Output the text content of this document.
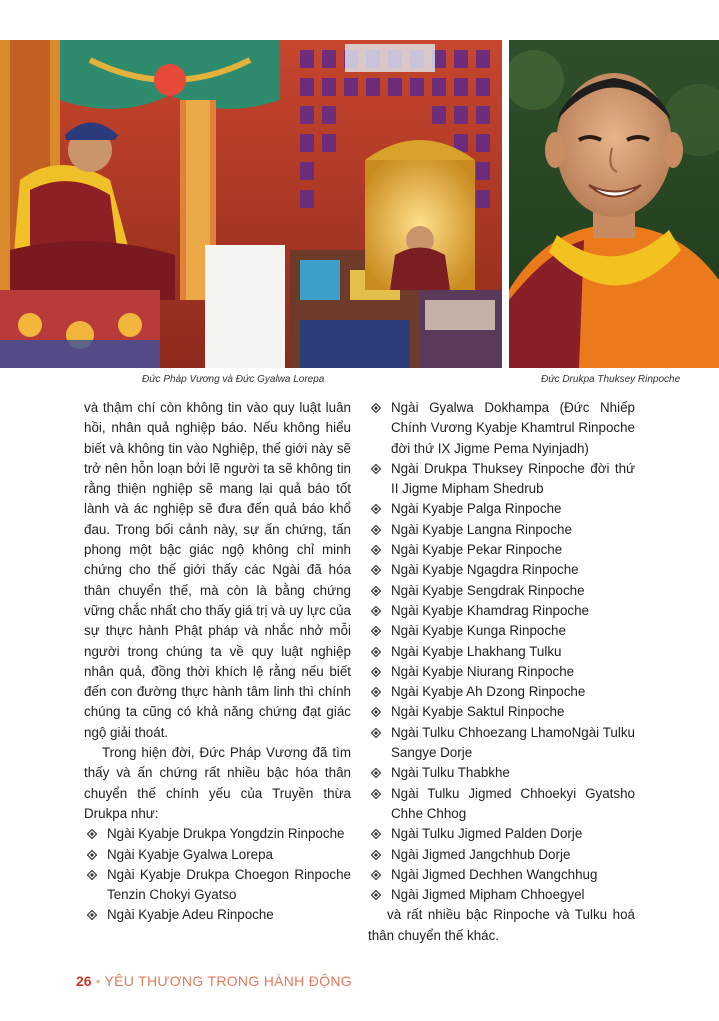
Đức Pháp Vương và Đức Gyalwa Lorepa	Đức Drukpa Thuksey Rinpoche

và thậm chí còn không tin vào quy luật luân hồi, nhân quả nghiệp báo. Nếu không hiểu biết và không tin vào Nghiệp, thế giới này sẽ trở nên hỗn loạn bởi lẽ người ta sẽ không tin rằng thiện nghiệp sẽ mang lại quả báo tốt lành và ác nghiệp sẽ đưa đến quả báo khổ đau. Trong bối cảnh này, sự ấn chứng, tấn phong một bậc giác ngộ không chỉ minh chứng cho thế giới thấy các Ngài đã hóa thân chuyển thế, mà còn là bằng chứng vững chắc nhất cho thấy giá trị và uy lực của sự thực hành Phật pháp và nhắc nhở mỗi người trong chúng ta về quy luật nghiệp nhân quả, đồng thời khích lệ rằng nếu biết đến con đường thực hành tâm linh thì chính chúng ta cũng có khả năng chứng đạt giác ngộ giải thoát.

Trong hiện đời, Đức Pháp Vương đã tìm thấy và ấn chứng rất nhiều bậc hóa thân chuyển thế chính yếu của Truyền thừa Drukpa như:

Ngài Kyabje Drukpa Yongdzin Rinpoche
Ngài Kyabje Gyalwa Lorepa
Ngài Kyabje Drukpa Choegon Rinpoche Tenzin Chokyi Gyatso
Ngài Kyabje Adeu Rinpoche
Ngài Gyalwa Dokhampa (Đức Nhiếp Chính Vương Kyabje Khamtrul Rinpoche đời thứ IX Jigme Pema Nyinjadh)
Ngài Drukpa Thuksey Rinpoche đời thứ II Jigme Mipham Shedrub
Ngài Kyabje Palga Rinpoche
Ngài Kyabje Langna Rinpoche
Ngài Kyabje Pekar Rinpoche
Ngài Kyabje Ngagdra Rinpoche
Ngài Kyabje Sengdrak Rinpoche
Ngài Kyabje Khamdrag Rinpoche
Ngài Kyabje Kunga Rinpoche
Ngài Kyabje Lhakhang Tulku
Ngài Kyabje Niurang Rinpoche
Ngài Kyabje Ah Dzong Rinpoche
Ngài Kyabje Saktul Rinpoche
Ngài Tulku Chhoezang LhamoNgài Tulku Sangye Dorje
Ngài Tulku Thabkhe
Ngài Tulku Jigmed Chhoekyi Gyatsho Chhe Chhog
Ngài Tulku Jigmed Palden Dorje
Ngài Jigmed Jangchhub Dorje
Ngài Jigmed Dechhen Wangchhug
Ngài Jigmed Mipham Chhoegyel

và rất nhiều bậc Rinpoche và Tulku hoá thân chuyển thế khác.

26 • YÊU THƯƠNG TRONG HÀNH ĐỘNG
